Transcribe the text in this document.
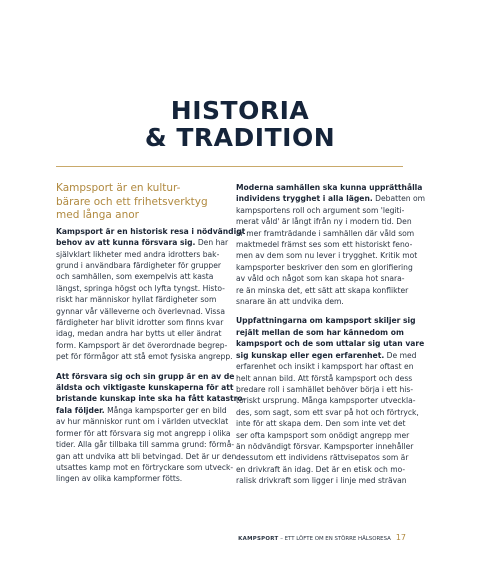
HISTORIA
& TRADITION
Kampsport är en kultur-
bärare och ett frihetsverktyg
med långa anor
Kampsport är en historisk resa i nödvändigt
behov av att kunna försvara sig. Den har
självklart likheter med andra idrotters bak-
grund i användbara färdigheter för grupper
och samhällen, som exempelvis att kasta
längst, springa högst och lyfta tyngst. Histo-
riskt har människor hyllat färdigheter som
gynnar vår välleverne och överlevnad. Vissa
färdigheter har blivit idrotter som finns kvar
idag, medan andra har bytts ut eller ändrat
form. Kampsport är det överordnade begrep-
pet för förmågor att stå emot fysiska angrepp.
Att försvara sig och sin grupp är en av de
äldsta och viktigaste kunskaperna för att
bristande kunskap inte ska ha fått katastro-
fala följder. Många kampsporter ger en bild
av hur människor runt om i världen utvecklat
former för att försvara sig mot angrepp i olika
tider. Alla går tillbaka till samma grund: förmå-
gan att undvika att bli betvingad. Det är ur den
utsattes kamp mot en förtryckare som utveck-
lingen av olika kampformer fötts.
Moderna samhällen ska kunna upprätthålla
individens trygghet i alla lägen. Debatten om
kampsportens roll och argument som 'legiti-
merat våld' är långt ifrån ny i modern tid. Den
är mer framträdande i samhällen där våld som
maktmedel främst ses som ett historiskt feno-
men av dem som nu lever i trygghet. Kritik mot
kampsporter beskriver den som en glorifiering
av våld och något som kan skapa hot snara-
re än minska det, ett sätt att skapa konflikter
snarare än att undvika dem.
Uppfattningarna om kampsport skiljer sig
rejält mellan de som har kännedom om
kampsport och de som uttalar sig utan vare
sig kunskap eller egen erfarenhet. De med
erfarenhet och insikt i kampsport har oftast en
helt annan bild. Att förstå kampsport och dess
bredare roll i samhället behöver börja i ett his-
toriskt ursprung. Många kampsporter utveckla-
des, som sagt, som ett svar på hot och förtryck,
inte för att skapa dem. Den som inte vet det
ser ofta kampsport som onödigt angrepp mer
än nödvändigt försvar. Kampsporter innehåller
dessutom ett individens rättvisepatos som är
en drivkraft än idag. Det är en etisk och mo-
ralisk drivkraft som ligger i linje med strävan
KAMPSPORT – ETT LÖFTE OM EN STÖRRE HÄLSORESA 17
